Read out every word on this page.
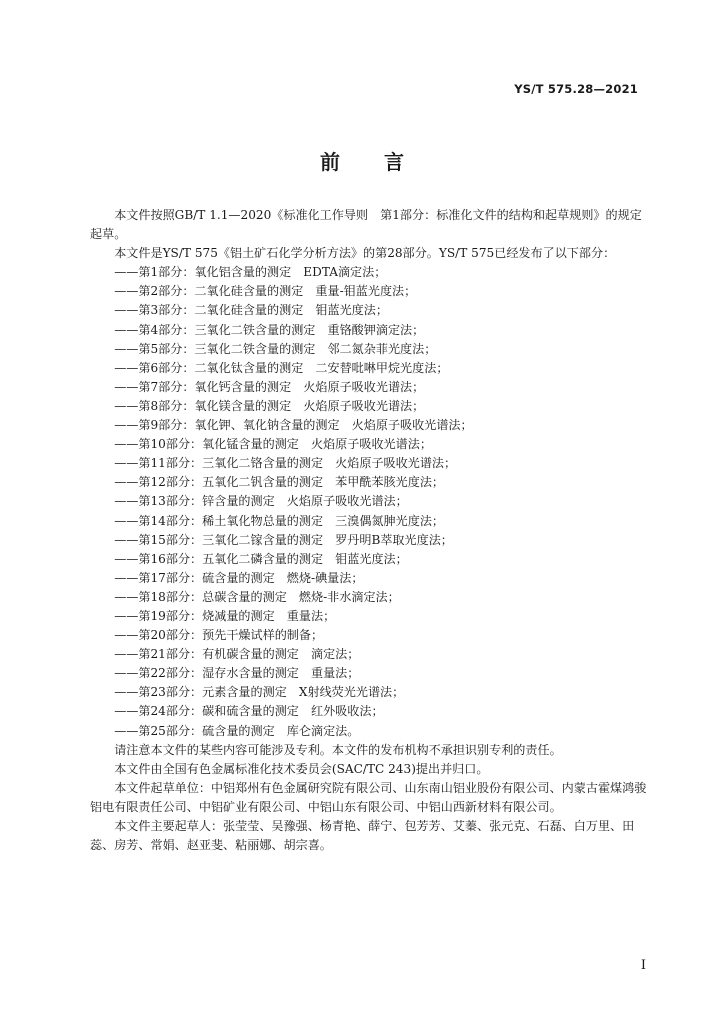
YS/T 575.28—2021
前言

本文件按照GB/T 1.1—2020《标准化工作导则　第1部分：标准化文件的结构和起草规则》的规定起草。

本文件是YS/T 575《铝土矿石化学分析方法》的第28部分。YS/T 575已经发布了以下部分：

——第1部分：氧化铝含量的测定　EDTA滴定法；
——第2部分：二氧化硅含量的测定　重量-钼蓝光度法；
——第3部分：二氧化硅含量的测定　钼蓝光度法；
——第4部分：三氧化二铁含量的测定　重铬酸钾滴定法；
——第5部分：三氧化二铁含量的测定　邻二氮杂菲光度法；
——第6部分：二氧化钛含量的测定　二安替吡啉甲烷光度法；
——第7部分：氧化钙含量的测定　火焰原子吸收光谱法；
——第8部分：氧化镁含量的测定　火焰原子吸收光谱法；
——第9部分：氧化钾、氧化钠含量的测定　火焰原子吸收光谱法；
——第10部分：氧化锰含量的测定　火焰原子吸收光谱法；
——第11部分：三氧化二铬含量的测定　火焰原子吸收光谱法；
——第12部分：五氧化二钒含量的测定　苯甲酰苯胲光度法；
——第13部分：锌含量的测定　火焰原子吸收光谱法；
——第14部分：稀土氧化物总量的测定　三溴偶氮胂光度法；
——第15部分：三氧化二镓含量的测定　罗丹明B萃取光度法；
——第16部分：五氧化二磷含量的测定　钼蓝光度法；
——第17部分：硫含量的测定　燃烧-碘量法；
——第18部分：总碳含量的测定　燃烧-非水滴定法；
——第19部分：烧减量的测定　重量法；
——第20部分：预先干燥试样的制备；
——第21部分：有机碳含量的测定　滴定法；
——第22部分：湿存水含量的测定　重量法；
——第23部分：元素含量的测定　X射线荧光光谱法；
——第24部分：碳和硫含量的测定　红外吸收法；
——第25部分：硫含量的测定　库仑滴定法。

请注意本文件的某些内容可能涉及专利。本文件的发布机构不承担识别专利的责任。

本文件由全国有色金属标准化技术委员会(SAC/TC 243)提出并归口。

本文件起草单位：中铝郑州有色金属研究院有限公司、山东南山铝业股份有限公司、内蒙古霍煤鸿骏铝电有限责任公司、中铝矿业有限公司、中铝山东有限公司、中铝山西新材料有限公司。

本文件主要起草人：张莹莹、吴豫强、杨青艳、薛宁、包芳芳、艾蓁、张元克、石磊、白万里、田蕊、房芳、常娟、赵亚斐、粘丽娜、胡宗喜。

I
